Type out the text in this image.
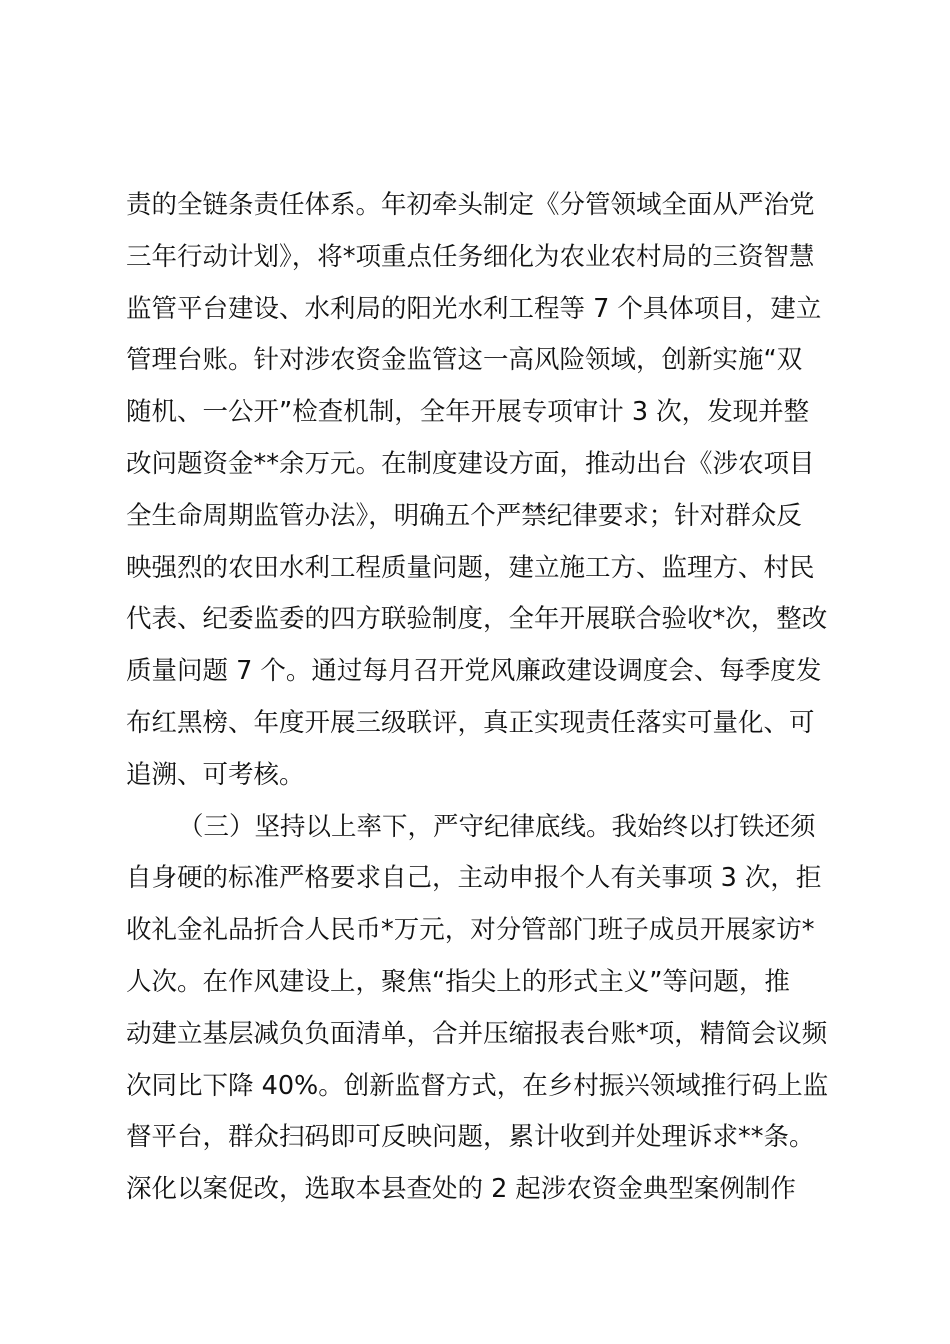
责的全链条责任体系。年初牵头制定《分管领域全面从严治党
三年行动计划》，将*项重点任务细化为农业农村局的三资智慧
监管平台建设、水利局的阳光水利工程等 7 个具体项目，建立
管理台账。针对涉农资金监管这一高风险领域，创新实施“双
随机、一公开”检查机制，全年开展专项审计 3 次，发现并整
改问题资金**余万元。在制度建设方面，推动出台《涉农项目
全生命周期监管办法》，明确五个严禁纪律要求；针对群众反
映强烈的农田水利工程质量问题，建立施工方、监理方、村民
代表、纪委监委的四方联验制度，全年开展联合验收*次，整改
质量问题 7 个。通过每月召开党风廉政建设调度会、每季度发
布红黑榜、年度开展三级联评，真正实现责任落实可量化、可
追溯、可考核。
（三）坚持以上率下，严守纪律底线。我始终以打铁还须
自身硬的标准严格要求自己，主动申报个人有关事项 3 次，拒
收礼金礼品折合人民币*万元，对分管部门班子成员开展家访*
人次。在作风建设上，聚焦“指尖上的形式主义”等问题，推
动建立基层减负负面清单，合并压缩报表台账*项，精简会议频
次同比下降 40%。创新监督方式，在乡村振兴领域推行码上监
督平台，群众扫码即可反映问题，累计收到并处理诉求**条。
深化以案促改，选取本县查处的 2 起涉农资金典型案例制作
